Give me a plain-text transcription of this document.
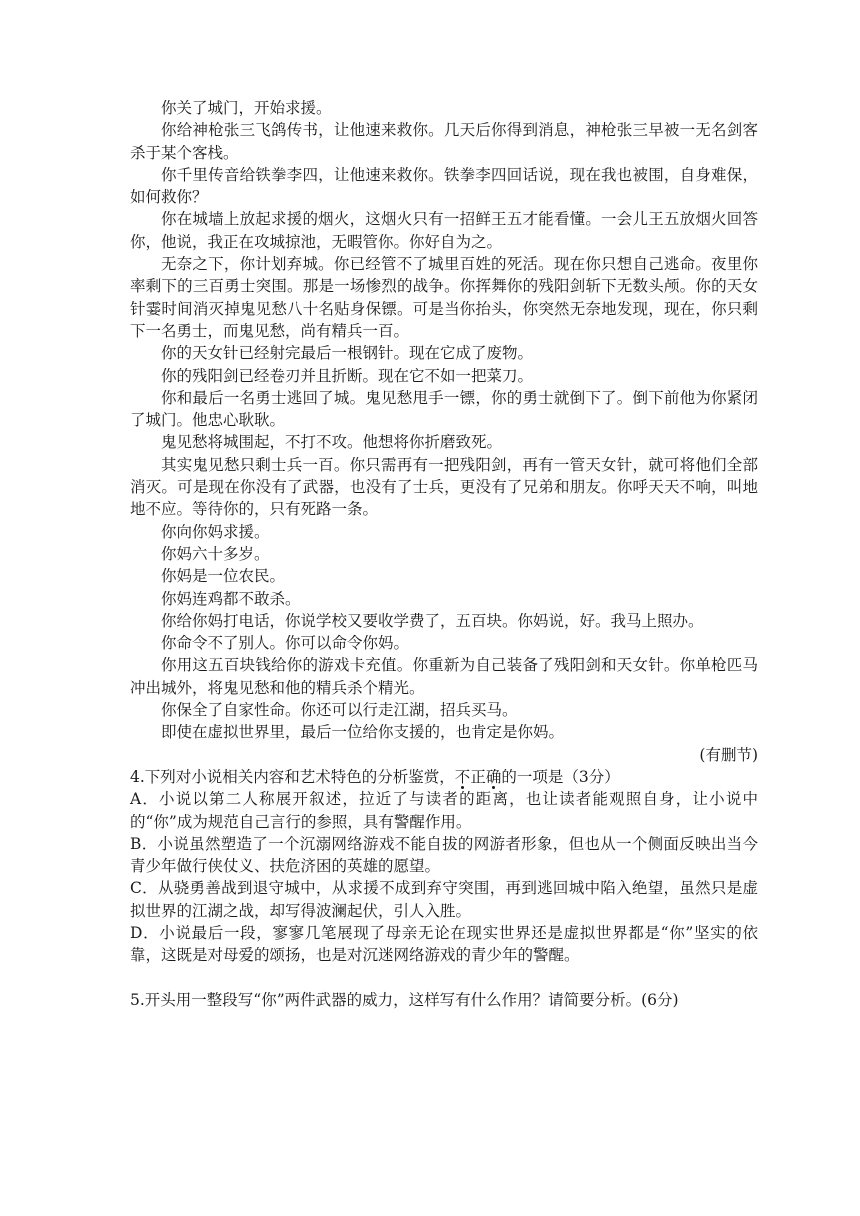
你关了城门，开始求援。

你给神枪张三飞鸽传书，让他速来救你。几天后你得到消息，神枪张三早被一无名剑客杀于某个客栈。

你千里传音给铁拳李四，让他速来救你。铁拳李四回话说，现在我也被围，自身难保，如何救你？

你在城墙上放起求援的烟火，这烟火只有一招鲜王五才能看懂。一会儿王五放烟火回答你，他说，我正在攻城掠池，无暇管你。你好自为之。

无奈之下，你计划弃城。你已经管不了城里百姓的死活。现在你只想自己逃命。夜里你率剩下的三百勇士突围。那是一场惨烈的战争。你挥舞你的残阳剑斩下无数头颅。你的天女针霎时间消灭掉鬼见愁八十名贴身保镖。可是当你抬头，你突然无奈地发现，现在，你只剩下一名勇士，而鬼见愁，尚有精兵一百。

你的天女针已经射完最后一根钢针。现在它成了废物。

你的残阳剑已经卷刃并且折断。现在它不如一把菜刀。

你和最后一名勇士逃回了城。鬼见愁甩手一镖，你的勇士就倒下了。倒下前他为你紧闭了城门。他忠心耿耿。

鬼见愁将城围起，不打不攻。他想将你折磨致死。

其实鬼见愁只剩士兵一百。你只需再有一把残阳剑，再有一管天女针，就可将他们全部消灭。可是现在你没有了武器，也没有了士兵，更没有了兄弟和朋友。你呼天天不响，叫地地不应。等待你的，只有死路一条。

你向你妈求援。

你妈六十多岁。

你妈是一位农民。

你妈连鸡都不敢杀。

你给你妈打电话，你说学校又要收学费了，五百块。你妈说，好。我马上照办。

你命令不了别人。你可以命令你妈。

你用这五百块钱给你的游戏卡充值。你重新为自己装备了残阳剑和天女针。你单枪匹马冲出城外，将鬼见愁和他的精兵杀个精光。

你保全了自家性命。你还可以行走江湖，招兵买马。

即使在虚拟世界里，最后一位给你支援的，也肯定是你妈。

(有删节)

4.下列对小说相关内容和艺术特色的分析鉴赏，不正确的一项是（3分）

A．小说以第二人称展开叙述，拉近了与读者的距离，也让读者能观照自身，让小说中的“你”成为规范自己言行的参照，具有警醒作用。

B．小说虽然塑造了一个沉溺网络游戏不能自拔的网游者形象，但也从一个侧面反映出当今青少年做行侠仗义、扶危济困的英雄的愿望。

C．从骁勇善战到退守城中，从求援不成到弃守突围，再到逃回城中陷入绝望，虽然只是虚拟世界的江湖之战，却写得波澜起伏，引人入胜。

D．小说最后一段，寥寥几笔展现了母亲无论在现实世界还是虚拟世界都是“你”坚实的依靠，这既是对母爱的颂扬，也是对沉迷网络游戏的青少年的警醒。

5.开头用一整段写“你”两件武器的威力，这样写有什么作用？请简要分析。(6分)
